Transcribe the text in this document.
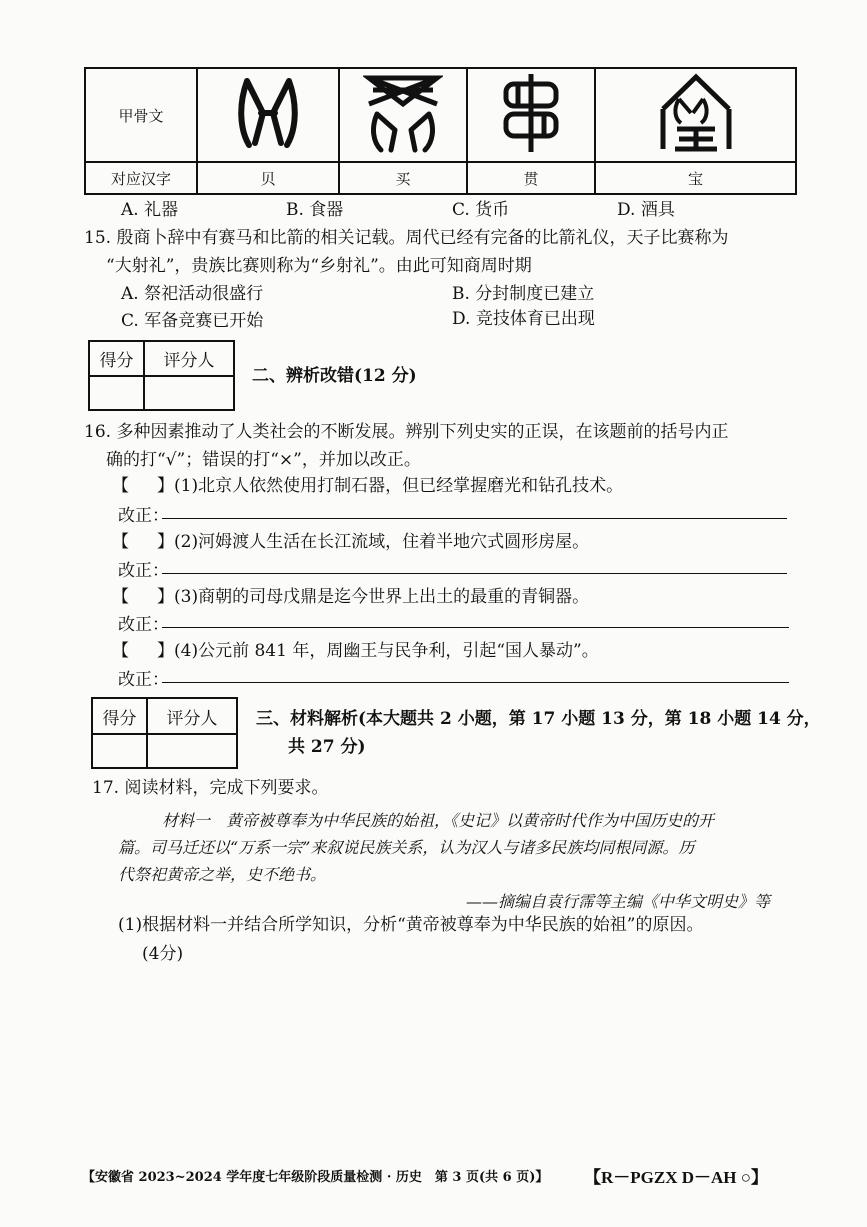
甲骨文				
对应汉字	贝	买	贯	宝
A. 礼器	B. 食器	C. 货币	D. 酒具
15. 殷商卜辞中有赛马和比箭的相关记载。周代已经有完备的比箭礼仪，天子比赛称为
“大射礼”，贵族比赛则称为“乡射礼”。由此可知商周时期
A. 祭祀活动很盛行	B. 分封制度已建立
C. 军备竞赛已开始	D. 竞技体育已出现
得分	评分人

二、辨析改错(12 分)
16. 多种因素推动了人类社会的不断发展。辨别下列史实的正误，在该题前的括号内正
确的打“√”；错误的打“×”，并加以改正。
【 】 (1)北京人依然使用打制石器，但已经掌握磨光和钻孔技术。
改正：
【 】 (2)河姆渡人生活在长江流域，住着半地穴式圆形房屋。
改正：
【 】 (3)商朝的司母戊鼎是迄今世界上出土的最重的青铜器。
改正：
【 】 (4)公元前 841 年，周幽王与民争利，引起“国人暴动”。
改正：
得分	评分人
	三、材料解析(本大题共 2 小题，第 17 小题 13 分，第 18 小题 14 分，
共 27 分)
17. 阅读材料，完成下列要求。
材料一　黄帝被尊奉为中华民族的始祖，《史记》以黄帝时代作为中国历史的开
篇。司马迁还以“万系一宗”来叙说民族关系，认为汉人与诸多民族均同根同源。历
代祭祀黄帝之举，史不绝书。
——摘编自袁行霈等主编《中华文明史》等
(1)根据材料一并结合所学知识，分析“黄帝被尊奉为中华民族的始祖”的原因。
(4分)
【安徽省 2023~2024 学年度七年级阶段质量检测 · 历史　第 3 页(共 6 页)】 【R－PGZX D－AH ○】
